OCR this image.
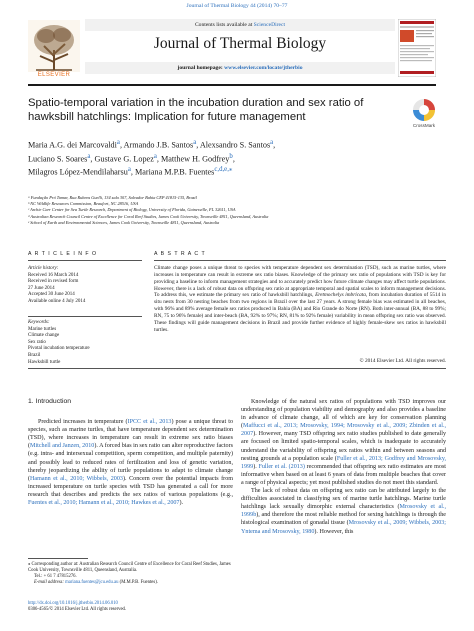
Journal of Thermal Biology 44 (2014) 70–77
ELSEVIER
Contents lists available at ScienceDirect
Journal of Thermal Biology
journal homepage: www.elsevier.com/locate/jtherbio
Spatio-temporal variation in the incubation duration and sex ratio of hawksbill hatchlings: Implication for future management
CrossMark
Maria A.G. dei Marcovaldi$^a$, Armando J.B. Santos$^a$, Alexsandro S. Santos$^a$,
Luciano S. Soares$^a$, Gustave G. Lopez$^a$, Matthew H. Godfrey$^b$,
Milagros López-Mendilaharsu$^a$, Mariana M.P.B. Fuentes$^{c,d,e,⁎}$
ᵃ Fundação Pró Tamar, Rua Rubens Guelli, 134 sala 307, Salvador Bahia CEP 41815-135, Brazil
ᵇ NC Wildlife Resources Commission, Beaufort, NC 28516, USA
ᶜ Archie Carr Center for Sea Turtle Research, Department of Biology, University of Florida, Gainesville, FL 32611, USA
ᵈ Australian Research Council Centre of Excellence for Coral Reef Studies, James Cook University, Townsville 4811, Queensland, Australia
ᵉ School of Earth and Environmental Sciences, James Cook University, Townsville 4811, Queensland, Australia
A R T I C L E I N F O
Article history:
Received 16 March 2014
Received in revised form
27 June 2014
Accepted 30 June 2014
Available online 4 July 2014
Keywords:
Marine turtles
Climate change
Sex ratio
Pivotal incubation temperature
Brazil
Hawksbill turtle
A B S T R A C T
Climate change poses a unique threat to species with temperature dependent sex determination (TSD), such as marine turtles, where increases in temperature can result in extreme sex ratio biases. Knowledge of the primary sex ratio of populations with TSD is key for providing a baseline to inform management strategies and to accurately predict how future climate changes may affect turtle populations. However, there is a lack of robust data on offspring sex ratio at appropriate temporal and spatial scales to inform management decisions. To address this, we estimate the primary sex ratio of hawksbill hatchlings, Eretmochelys imbricata, from incubation duration of 5514 in situ nests from 30 nesting beaches from two regions in Brazil over the last 27 years. A strong female bias was estimated in all beaches, with 96% and 89% average female sex ratios produced in Bahia (BA) and Rio Grande do Norte (RN). Both inter-annual (BA, 88 to 99%; RN, 75 to 96% female) and inter-beach (BA, 92% to 97%; RN, 81% to 92% female) variability in mean offspring sex ratio was observed. These findings will guide management decisions in Brazil and provide further evidence of highly female-skew sex ratios in hawksbill turtles.
© 2014 Elsevier Ltd. All rights reserved.
1. Introduction

Predicted increases in temperature (IPCC et al., 2013) pose a unique threat to species, such as marine turtles, that have temperature dependent sex determination (TSD), where increases in temperature can result in extreme sex ratio biases (Mitchell and Janzen, 2010). A forced bias in sex ratio can alter reproductive factors (e.g. intra- and intersexual competition, sperm competition, and multiple paternity) and possibly lead to reduced rates of fertilization and loss of genetic variation, thereby jeopardizing the ability of turtle populations to adapt to climate change (Hamann et al., 2010; Wibbels, 2003). Concern over the potential impacts from increased temperature on turtle species with TSD has generated a call for more research that describes and predicts the sex ratios of various populations (e.g., Fuentes et al., 2010; Hamann et al., 2010; Hawkes et al., 2007).

Knowledge of the natural sex ratios of populations with TSD improves our understanding of population viability and demography and also provides a baseline in advance of climate change, all of which are key for conservation planning (Maffucci et al., 2013; Mrosovsky, 1994; Mrosovsky et al., 2009; Zbinden et al., 2007). However, many TSD offspring sex ratio studies published to date generally are focused on limited spatio-temporal scales, which is inadequate to accurately understand the variability of offspring sex ratios within and between seasons and nesting grounds at a population scale (Fuller et al., 2013; Godfrey and Mrosovsky, 1999). Fuller et al. (2013) recommended that offspring sex ratio estimates are most informative when based on at least 6 years of data from multiple beaches that cover a range of physical aspects; yet most published studies do not meet this standard.

The lack of robust data on offspring sex ratio can be attributed largely to the difficulties associated in classifying sex of marine turtle hatchlings. Marine turtle hatchlings lack sexually dimorphic external characteristics (Mrosovsky et al., 1999b), and therefore the most reliable method for sexing hatchlings is through the histological examination of gonadal tissue (Mrosovsky et al., 2009; Wibbels, 2003; Yntema and Mrosovsky, 1980). However, this

⁎ Corresponding author at: Australian Research Council Centre of Excellence for Coral Reef Studies, James Cook University, Townsville 4811, Queensland, Australia.
Tel.: + 61 7 47815276.
E-mail address: mariana.fuentes@jcu.edu.au (M.M.P.B. Fuentes).
http://dx.doi.org/10.1016/j.jtherbio.2014.06.010
0306-4565/© 2014 Elsevier Ltd. All rights reserved.
